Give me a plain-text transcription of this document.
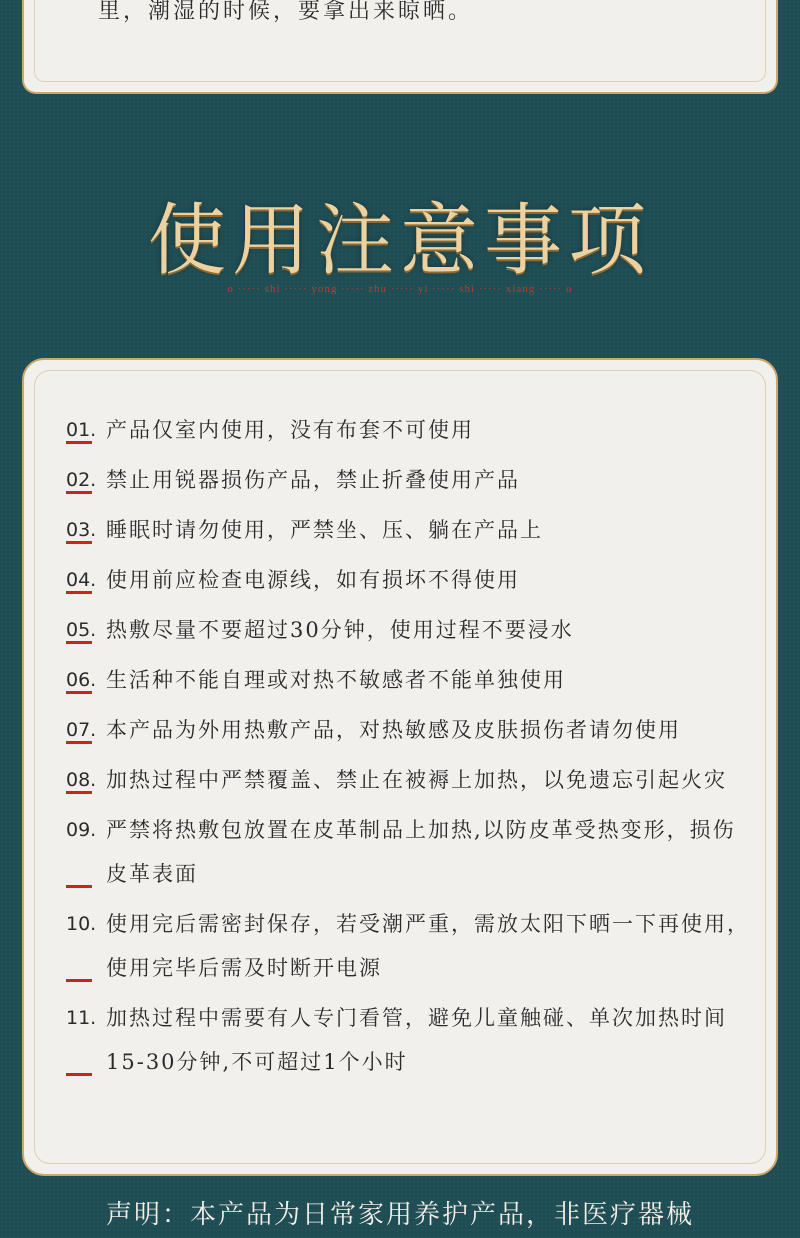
里，潮湿的时候，要拿出来晾晒。
使用注意事项
o ····· shi ····· yong ····· zhu ····· yi ····· shi ····· xiang ····· o
01. 产品仅室内使用，没有布套不可使用
02. 禁止用锐器损伤产品，禁止折叠使用产品
03. 睡眠时请勿使用，严禁坐、压、躺在产品上
04. 使用前应检查电源线，如有损坏不得使用
05. 热敷尽量不要超过30分钟，使用过程不要浸水
06. 生活种不能自理或对热不敏感者不能单独使用
07. 本产品为外用热敷产品，对热敏感及皮肤损伤者请勿使用
08. 加热过程中严禁覆盖、禁止在被褥上加热，以免遗忘引起火灾
09. 严禁将热敷包放置在皮革制品上加热,以防皮革受热变形，损伤皮革表面
10. 使用完后需密封保存，若受潮严重，需放太阳下晒一下再使用，使用完毕后需及时断开电源
11. 加热过程中需要有人专门看管，避免儿童触碰、单次加热时间15-30分钟,不可超过1个小时
声明：本产品为日常家用养护产品，非医疗器械
